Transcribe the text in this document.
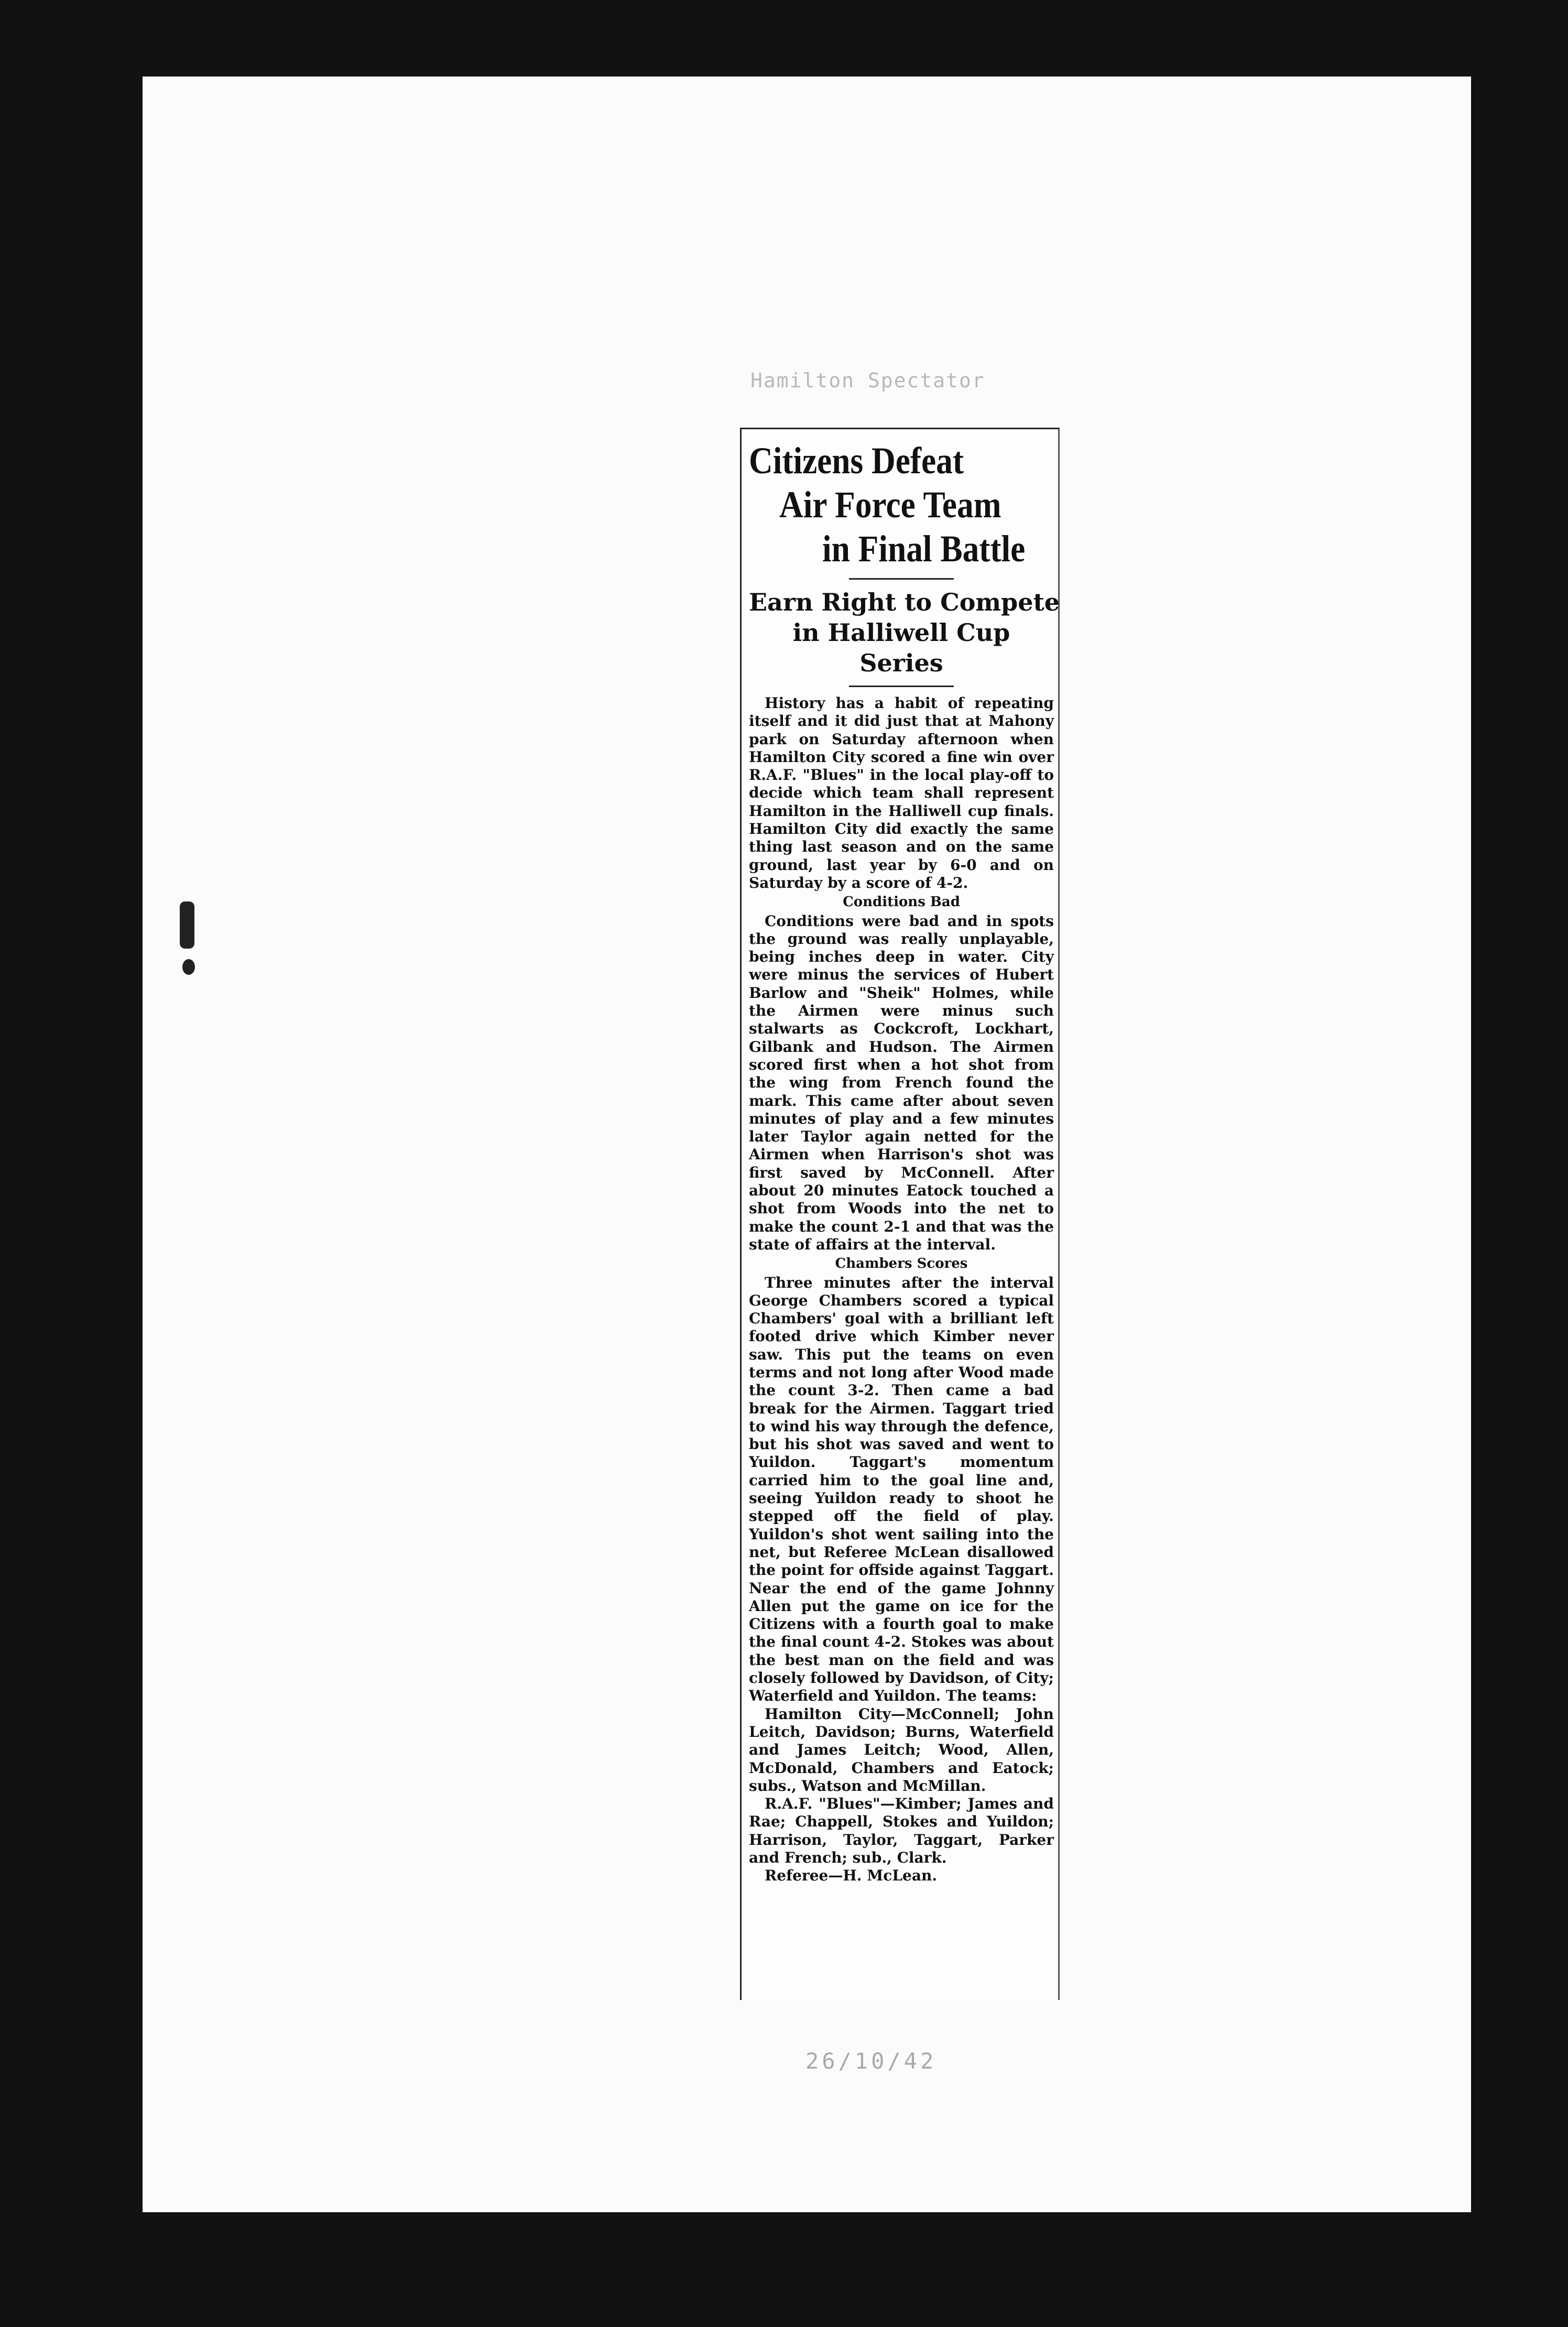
Hamilton Spectator
Citizens Defeat
Air Force Team
in Final Battle
Earn Right to Compete
in Halliwell Cup
Series

History has a habit of repeating itself and it did just that at Mahony park on Saturday afternoon when Hamilton City scored a fine win over R.A.F. "Blues" in the local play-off to decide which team shall represent Hamilton in the Halliwell cup finals. Hamilton City did exactly the same thing last season and on the same ground, last year by 6-0 and on Saturday by a score of 4-2.

Conditions Bad

Conditions were bad and in spots the ground was really unplayable, being inches deep in water. City were minus the services of Hubert Barlow and "Sheik" Holmes, while the Airmen were minus such stalwarts as Cockcroft, Lockhart, Gilbank and Hudson. The Airmen scored first when a hot shot from the wing from French found the mark. This came after about seven minutes of play and a few minutes later Taylor again netted for the Airmen when Harrison's shot was first saved by McConnell. After about 20 minutes Eatock touched a shot from Woods into the net to make the count 2-1 and that was the state of affairs at the interval.

Chambers Scores

Three minutes after the interval George Chambers scored a typical Chambers' goal with a brilliant left footed drive which Kimber never saw. This put the teams on even terms and not long after Wood made the count 3-2. Then came a bad break for the Airmen. Taggart tried to wind his way through the defence, but his shot was saved and went to Yuildon. Taggart's momentum carried him to the goal line and, seeing Yuildon ready to shoot he stepped off the field of play. Yuildon's shot went sailing into the net, but Referee McLean disallowed the point for offside against Taggart. Near the end of the game Johnny Allen put the game on ice for the Citizens with a fourth goal to make the final count 4-2. Stokes was about the best man on the field and was closely followed by Davidson, of City; Waterfield and Yuildon. The teams:

Hamilton City—McConnell; John Leitch, Davidson; Burns, Waterfield and James Leitch; Wood, Allen, McDonald, Chambers and Eatock; subs., Watson and McMillan.

R.A.F. "Blues"—Kimber; James and Rae; Chappell, Stokes and Yuildon; Harrison, Taylor, Taggart, Parker and French; sub., Clark.

Referee—H. McLean.

26/10/42
